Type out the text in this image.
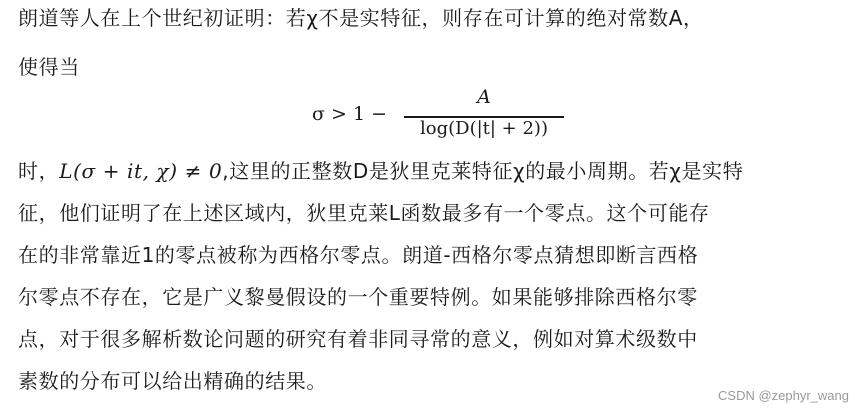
朗道等人在上个世纪初证明：若χ不是实特征，则存在可计算的绝对常数A，
使得当
σ > 1 −
A
log(D(|t| + 2))
时，L(σ + it, χ) ≠ 0,这里的正整数D是狄里克莱特征χ的最小周期。若χ是实特
征，他们证明了在上述区域内，狄里克莱L函数最多有一个零点。这个可能存
在的非常靠近1的零点被称为西格尔零点。朗道-西格尔零点猜想即断言西格
尔零点不存在，它是广义黎曼假设的一个重要特例。如果能够排除西格尔零
点，对于很多解析数论问题的研究有着非同寻常的意义，例如对算术级数中
素数的分布可以给出精确的结果。
CSDN @zephyr_wang
